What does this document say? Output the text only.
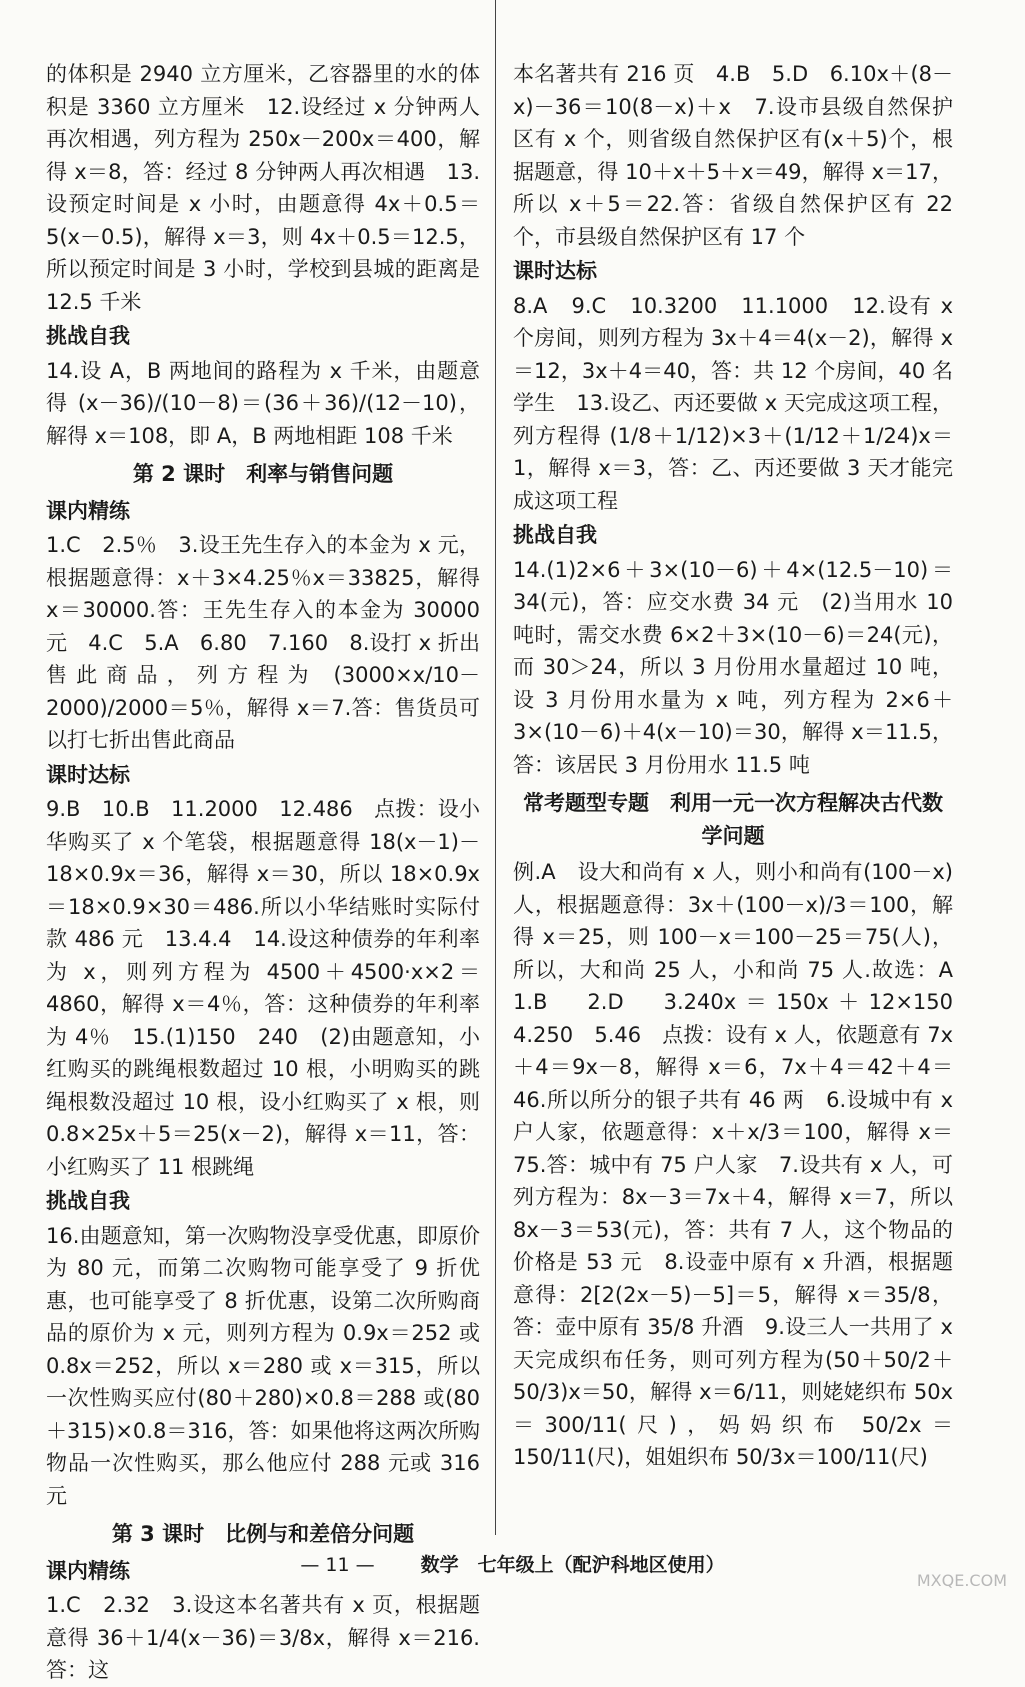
的体积是 2940 立方厘米，乙容器里的水的体积是 3360 立方厘米　12.设经过 x 分钟两人再次相遇，列方程为 250x－200x＝400，解得 x＝8，答：经过 8 分钟两人再次相遇　13.设预定时间是 x 小时，由题意得 4x＋0.5＝5(x－0.5)，解得 x＝3，则 4x＋0.5＝12.5，所以预定时间是 3 小时，学校到县城的距离是 12.5 千米
挑战自我
14.设 A，B 两地间的路程为 x 千米，由题意得 (x－36)/(10－8)＝(36＋36)/(12－10)，解得 x＝108，即 A，B 两地相距 108 千米
第 2 课时　利率与销售问题
课内精练
1.C　2.5％　3.设王先生存入的本金为 x 元，根据题意得：x＋3×4.25％x＝33825，解得 x＝30000.答：王先生存入的本金为 30000 元　4.C　5.A　6.80　7.160　8.设打 x 折出售此商品，列方程为 (3000×x/10－2000)/2000＝5％，解得 x＝7.答：售货员可以打七折出售此商品
课时达标
9.B　10.B　11.2000　12.486　点拨：设小华购买了 x 个笔袋，根据题意得 18(x－1)－18×0.9x＝36，解得 x＝30，所以 18×0.9x＝18×0.9×30＝486.所以小华结账时实际付款 486 元　13.4.4　14.设这种债券的年利率为 x，则列方程为 4500＋4500·x×2＝4860，解得 x＝4％，答：这种债券的年利率为 4％　15.(1)150　240　(2)由题意知，小红购买的跳绳根数超过 10 根，小明购买的跳绳根数没超过 10 根，设小红购买了 x 根，则 0.8×25x＋5＝25(x－2)，解得 x＝11，答：小红购买了 11 根跳绳
挑战自我
16.由题意知，第一次购物没享受优惠，即原价为 80 元，而第二次购物可能享受了 9 折优惠，也可能享受了 8 折优惠，设第二次所购商品的原价为 x 元，则列方程为 0.9x＝252 或 0.8x＝252，所以 x＝280 或 x＝315，所以一次性购买应付(80＋280)×0.8＝288 或(80＋315)×0.8＝316，答：如果他将这两次所购物品一次性购买，那么他应付 288 元或 316 元
第 3 课时　比例与和差倍分问题
课内精练
1.C　2.32　3.设这本名著共有 x 页，根据题意得 36＋1/4(x－36)＝3/8x，解得 x＝216.答：这
本名著共有 216 页　4.B　5.D　6.10x＋(8－x)－36＝10(8－x)＋x　7.设市县级自然保护区有 x 个，则省级自然保护区有(x＋5)个，根据题意，得 10＋x＋5＋x＝49，解得 x＝17，所以 x＋5＝22.答：省级自然保护区有 22 个，市县级自然保护区有 17 个
课时达标
8.A　9.C　10.3200　11.1000　12.设有 x 个房间，则列方程为 3x＋4＝4(x－2)，解得 x＝12，3x＋4＝40，答：共 12 个房间，40 名学生　13.设乙、丙还要做 x 天完成这项工程，列方程得 (1/8＋1/12)×3＋(1/12＋1/24)x＝1，解得 x＝3，答：乙、丙还要做 3 天才能完成这项工程
挑战自我
14.(1)2×6＋3×(10－6)＋4×(12.5－10)＝34(元)，答：应交水费 34 元　(2)当用水 10 吨时，需交水费 6×2＋3×(10－6)＝24(元)，而 30＞24，所以 3 月份用水量超过 10 吨，设 3 月份用水量为 x 吨，列方程为 2×6＋3×(10－6)＋4(x－10)＝30，解得 x＝11.5，答：该居民 3 月份用水 11.5 吨
常考题型专题　利用一元一次方程解决古代数学问题
例.A　设大和尚有 x 人，则小和尚有(100－x)人，根据题意得：3x＋(100－x)/3＝100，解得 x＝25，则 100－x＝100－25＝75(人)，所以，大和尚 25 人，小和尚 75 人.故选：A　1.B　2.D　3.240x＝150x＋12×150　4.250　5.46　点拨：设有 x 人，依题意有 7x＋4＝9x－8，解得 x＝6，7x＋4＝42＋4＝46.所以所分的银子共有 46 两　6.设城中有 x 户人家，依题意得：x＋x/3＝100，解得 x＝75.答：城中有 75 户人家　7.设共有 x 人，可列方程为：8x－3＝7x＋4，解得 x＝7，所以 8x－3＝53(元)，答：共有 7 人，这个物品的价格是 53 元　8.设壶中原有 x 升酒，根据题意得：2[2(2x－5)－5]＝5，解得 x＝35/8，答：壶中原有 35/8 升酒　9.设三人一共用了 x 天完成织布任务，则可列方程为(50＋50/2＋50/3)x＝50，解得 x＝6/11，则姥姥织布 50x＝300/11(尺)，妈妈织布 50/2x＝150/11(尺)，姐姐织布 50/3x＝100/11(尺)
— 11 — 数学　七年级上（配沪科地区使用）
MXQE.COM
